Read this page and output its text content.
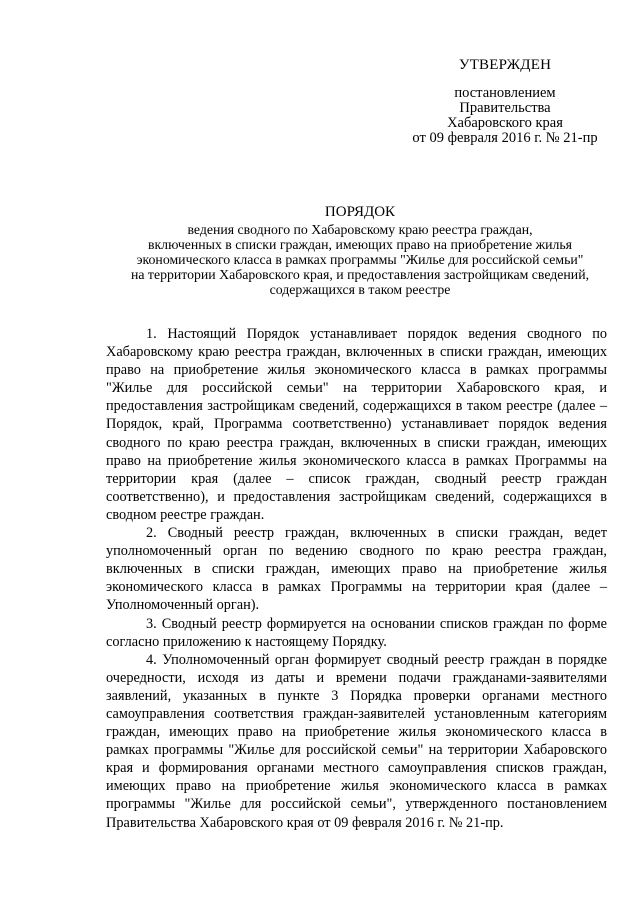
УТВЕРЖДЕН
постановлением
Правительства
Хабаровского края
от 09 февраля 2016 г. № 21-пр
ПОРЯДОК
ведения сводного по Хабаровскому краю реестра граждан,
включенных в списки граждан, имеющих право на приобретение жилья
экономического класса в рамках программы "Жилье для российской семьи"
на территории Хабаровского края, и предоставления застройщикам сведений,
содержащихся в таком реестре

1. Настоящий Порядок устанавливает порядок ведения сводного по Хабаровскому краю реестра граждан, включенных в списки граждан, имеющих право на приобретение жилья экономического класса в рамках программы "Жилье для российской семьи" на территории Хабаровского края, и предоставления застройщикам сведений, содержащихся в таком реестре (далее – Порядок, край, Программа соответственно) устанавливает порядок ведения сводного по краю реестра граждан, включенных в списки граждан, имеющих право на приобретение жилья экономического класса в рамках Программы на территории края (далее – список граждан, сводный реестр граждан соответственно), и предоставления застройщикам сведений, содержащихся в сводном реестре граждан.

2. Сводный реестр граждан, включенных в списки граждан, ведет уполномоченный орган по ведению сводного по краю реестра граждан, включенных в списки граждан, имеющих право на приобретение жилья экономического класса в рамках Программы на территории края (далее – Уполномоченный орган).

3. Сводный реестр формируется на основании списков граждан по форме согласно приложению к настоящему Порядку.

4. Уполномоченный орган формирует сводный реестр граждан в порядке очередности, исходя из даты и времени подачи гражданами-заявителями заявлений, указанных в пункте 3 Порядка проверки органами местного самоуправления соответствия граждан-заявителей установленным категориям граждан, имеющих право на приобретение жилья экономического класса в рамках программы "Жилье для российской семьи" на территории Хабаровского края и формирования органами местного самоуправления списков граждан, имеющих право на приобретение жилья экономического класса в рамках программы "Жилье для российской семьи", утвержденного постановлением Правительства Хабаровского края от 09 февраля 2016 г. № 21-пр.
